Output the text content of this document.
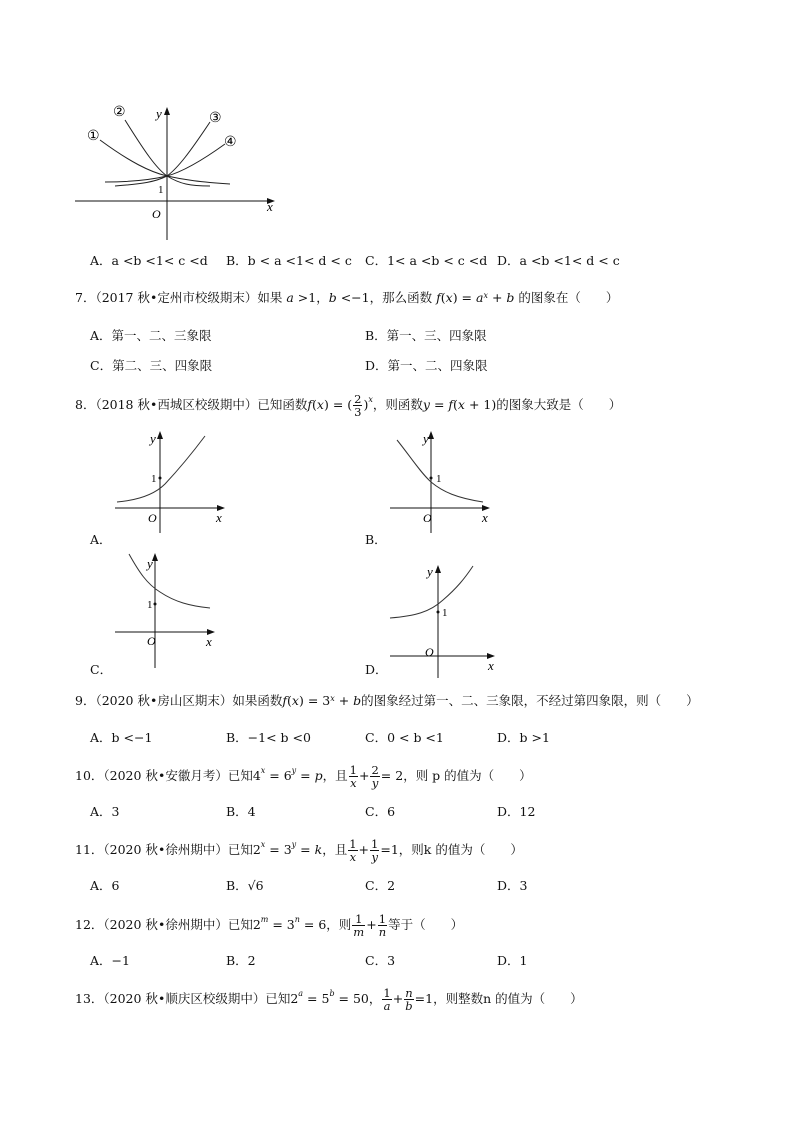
①
②	③
④
y
x
O
1
A．a <b <1< c <d B．b < a <1< d < c C．1< a <b < c <d D．a <b <1< d < c
7．（2017 秋•定州市校级期末）如果 a >1，b <−1，那么函数 $f(x) = a^x + b$ 的图象在（　　）
A．第一、二、三象限	B．第一、三、四象限
C．第二、三、四象限	D．第一、二、四象限
8．（2018 秋•西城区校级期中）已知函数f(x) = ( $\frac{2}{3} )^x$，则函数y = f(x + 1)的图象大致是（　　）
y
x
O
1
A．
y
x
O
1
B．
y
x
O
1
C．
y
x
O
1
D．
9．（2020 秋•房山区期末）如果函数$f(x) = 3^x + b$的图象经过第一、二、三象限，不经过第四象限，则（　　）
A．b <−1	B．−1< b <0	C．0 < b <1	D．b >1
10．（2020 秋•安徽月考）已知$4^x = 6^y = p$，且 $\frac{1}{x} + \frac{2}{y} = 2$，则 p 的值为（　　）
A．3	B．4	C．6	D．12
11．（2020 秋•徐州期中）已知$2^x = 3^y = k$，且 $\frac{1}{x} + \frac{1}{y} =1$，则k 的值为（　　）
A．6	B．√6	C．2	D．3
12．（2020 秋•徐州期中）已知$2^m = 3^n = 6$，则 $\frac{1}{m} + \frac{1}{n}$ 等于（　　）
A．−1	B．2	C．3	D．1
13．（2020 秋•顺庆区校级期中）已知$2^a = 5^b = 50$， $\frac{1}{a} + \frac{n}{b} =1$，则整数n 的值为（　　）
